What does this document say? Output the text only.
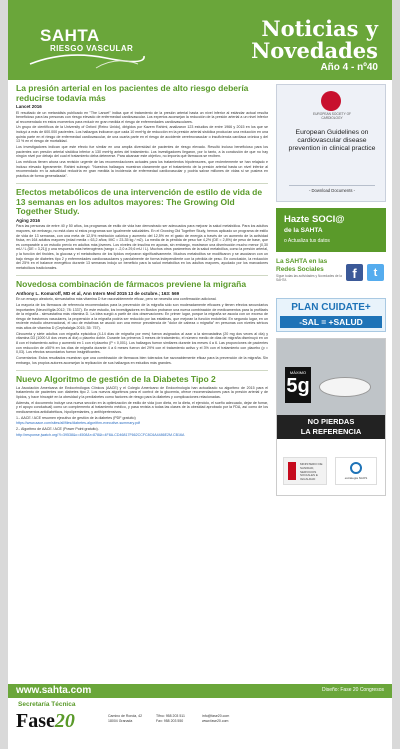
SAHTA
RIESGO VASCULAR
Noticias y
Novedades
Año 4 - nº40
La presión arterial en los pacientes de alto riesgo debería reducirse todavía más
Lancet 2016

El resultado de un metanálisis publicado en "The Lancet" indica que el tratamiento de la presión arterial hasta un nivel inferior al estándar actual resulta beneficioso para las personas con riesgo elevado de enfermedad cardiovascular. Los expertos aconsejan la reducción de la presión arterial a un nivel inferior al recomendado en estos momentos para reducir en gran medida el riesgo de enfermedades cardiovasculares.

Un grupo de científicos de la University of Oxford (Reino Unido), dirigidos por Kazem Rahimi, analizaron 123 estudios de entre 1966 y 2015 en los que se incluyó a más de 600.000 pacientes. Los hallazgos indicaron que cada 10 mmHg de reducción en la presión arterial sistólica producían una reducción en una quinta parte en el riesgo de enfermedad cardiovascular, de una cuarta parte en el riesgo de accidente cerebrovascular o insuficiencia cardíaca crónica y del 13 % en el riesgo de mortalidad.

Los investigadores indican que este efecto fue similar en una amplia diversidad de pacientes de riesgo elevado. Resultó incluso beneficioso para los pacientes con presión arterial sistólica inferior a 130 mmHg antes del tratamiento. Los investigadores llegaron, por lo tanto, a la conclusión de que no hay ningún nivel por debajo del cual el tratamiento deba detenerse. Para alcanzar este objetivo, no importa qué fármacos se reciben.

Los médicos tienen ahora una revisión urgente de las recomendaciones actuales para los tratamientos hipotensores, que recientemente se han relajado e incluso elevado ligeramente. Rahimi subrayó: "Nuestros hallazgos muestran claramente que el tratamiento de la presión arterial hasta un nivel inferior al recomendado en la actualidad reduciría en gran medida la incidencia de enfermedad cardiovascular y podría salvar millones de vidas si se pusiera en práctica de forma generalizada".

Efectos metabólicos de una intervención de estilo de vida de 13 semanas en los adultos mayores: The Growing Old Together Study.
Aging 2016

Para las personas de entre 40 y 50 años, los programas de estilo de vida han demostrado ser adecuados para mejorar la salud metabólica. Para los adultos mayores, sin embargo, no está claro si estos programas son igualmente saludables. En el Growing Old Together Study, hemos aplicado un programa de estilo de vida de 13 semanas, con una meta de 12,5% restricción calórica y aumento del 12,5% en el gasto de energía a través de un aumento de la actividad física, en 164 adultos mayores (edad media = 63,2 años; IMC = 23-35 kg / m2). La media de la pérdida de peso fue 4,2% (DE = 2,8%) de peso de base, que es comparable a un estudio previo en adultos más jóvenes. Los niveles de insulina en ayunas, sin embargo, mostraron una disminución mucho menor (0,30 mU / L (DE = 3,21)) y una respuesta más heterogénea (rango = -2,0 a 29,6 mU / L). Muchos otros parámetros de la salud metabólica, como la presión arterial, y la función del tiroides, la glucosa y el metabolismo de los lípidos mejoraron significativamente. Muchos metabolitos se modificaron y se asociaron con un bajo riesgo de diabetes tipo 2 y enfermedades cardiovasculares y parcialmente de forma independiente con la pérdida de peso. En conclusión, la reducción del 25% en el balance energético durante 13 semanas indujo un beneficio para la salud metabólica en los adultos mayores, ayudado por los marcadores metabólicos tradicionales.

Novedosa combinación de fármacos previene la migraña
Anthony L. Komaroff, MD et al, Ann Intern Med 2015 13 de octubre.; 163: 569

En un ensayo aleatorio, simvastatina más vitamina D fue razonablemente eficaz, pero se necesita una confirmación adicional.

La mayoría de los fármacos de referencia recomendados para la prevención de la migraña sólo son moderadamente eficaces y tienen efectos secundarios importantes (NeuroVigila 2012; 78: 1337). En este estudio, los investigadores en Boston probaron una nueva combinación de medicamentos para la profilaxis de la migraña - simvastatina más vitamina D. La idea surgió a partir de dos observaciones: En primer lugar, porque la migraña se asocia con un exceso de riesgo de trastornos vasculares, la propensión a la migraña podría ser reducido por las estatinas, que mejoran la función endotelial. En segundo lugar, en un reciente estudio observacional, el uso de estatinas se asoció con una menor prevalencia de "dolor de cabeza o migraña" en personas con niveles séricos más altos de vitamina D (Cephalalgia 2015; 35: 757).

Cincuenta y siete adultos con migraña episódica (4-14 días de migraña por mes) fueron asignados al azar a la simvastatina (20 mg dos veces al día) y vitamina D3 (1000 UI dos veces al día) o placebo doble. Durante los primeros 3 meses de tratamiento, el número medio de días de migraña disminuyó en un 8 con el tratamiento activo y aumentó en 1 con el placebo (P < 0,001). Los hallazgos fueron similares durante los meses 4 a 6. Las proporciones de pacientes con reducción de ≥50% en los días de migraña durante 4 a 6 meses fueron del 29% con el tratamiento activo y el 3% con el tratamiento con placebo (p = 0,03). Los efectos secundarios fueron insignificantes.

Comentarios: Estos resultados muestran que una combinación de fármacos bien tolerados fue razonablemente eficaz para la prevención de la migraña. Sin embargo, los propios autores aconsejan la replicación de sus hallazgos en estudios más grandes.

Nuevo Algoritmo de gestión de la Diabetes Tipo 2

La Asociación Americana de Endocrinólogos Clínicos (AACE) y el Colegio Americano de Endocrinología han actualizado su algoritmo de 2015 para el tratamiento de pacientes con diabetes tipo 2. Los nuevos algoritmos para el control de la glucemia, ofrece recomendaciones para la presión arterial y de lípidos, y hace hincapié en la obesidad y la prediabetes como factores de riesgo para la diabetes y complicaciones relacionadas.

Además, el documento incluye una nueva sección en la optimización de estilo de vida (con dieta, en la dieta, el ejercicio, el sueño adecuado, dejar de fumar, y el apoyo conductual) como un complemento al tratamiento médico, y pasa revista a todas las clases de la obesidad aprobado por la FDA, así como de los medicamentos antidiabéticos, hipolipemiantes, y antihipertensivos.

1.- AACE / ACE resumen ejecutivo de gestión de la diabetes (PDF gratuito)

https://www.aace.com/sites/all/files/diabetes-algorithm-executive-summary.pdf

2.- Algoritmo de AACE / ACE (Power Point gratuito).

http://response.jwatch.org/?l=39538&c=4508&r=878&t=4F8A-CD46817F662CCFC8C6A4486E2M.CB16A

EUROPEAN SOCIETY OF CARDIOLOGY
European Guidelines on cardiovascular disease prevention in clinical practice
- Download Documents -
Hazte SOCI@
de la SAHTA
o Actualiza tus datos
La SAHTA en las Redes Sociales
Sigue todas las actividades y Novedades de la SAHTA	f	t
PLAN CUIDATE+
-SAL = +SALUD
MÁXIMO
5g
NO PIERDAS
LA REFERENCIA
MINISTERIO DE SANIDAD, SERVICIOS SOCIALES E IGUALDAD	estrategia NAOS
www.sahta.com	Diseño: Fase 20 Congresos
Secretaría Técnica
Fase20	Camino de Ronda, 42
18004 Granada
Tlfno: 958 203 511
Fax: 958 203 550
info@fase20.com
www.fase20.com
